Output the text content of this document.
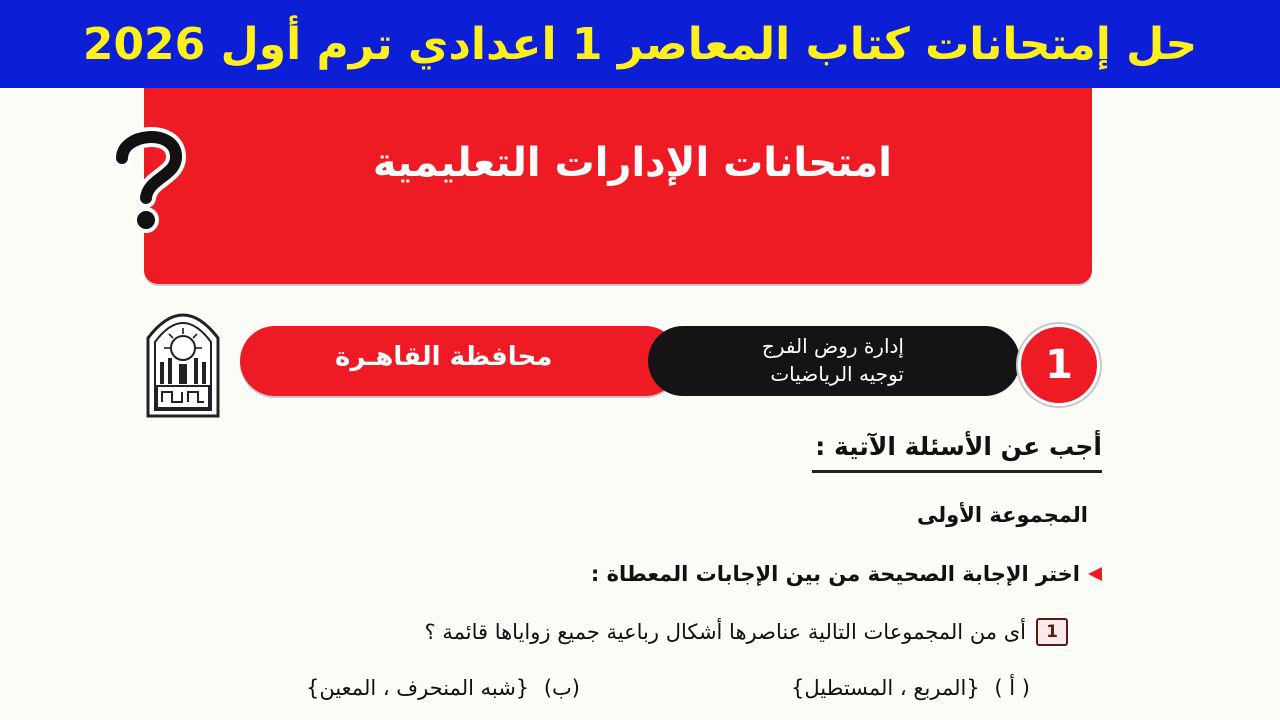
حل إمتحانات كتاب المعاصر 1 اعدادي ترم أول 2026
امتحانات الإدارات التعليمية
محافظة القاهـرة	إدارة روض الفرج
توجيه الرياضيات	1
أجب عن الأسئلة الآتية :
المجموعة الأولى
اختر الإجابة الصحيحة من بين الإجابات المعطاة :
1
أى من المجموعات التالية عناصرها أشكال رباعية جميع زواياها قائمة ؟
( أ ) {المربع ، المستطيل}
(ب) {شبه المنحرف ، المعين}
